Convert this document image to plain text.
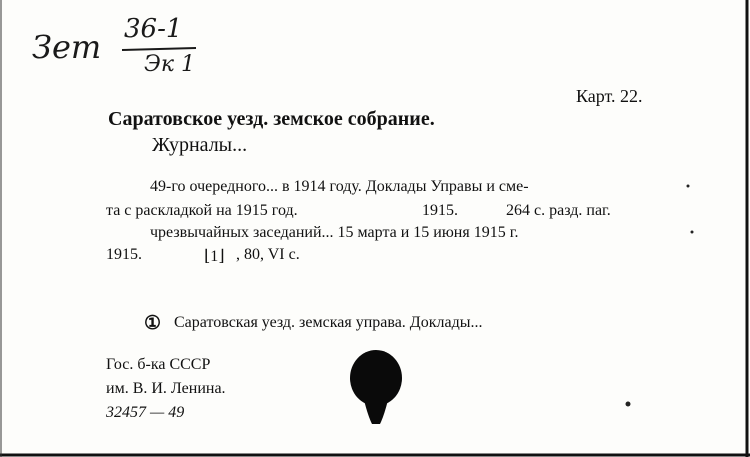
Зет 36-1
Эк 1
Карт. 22.
Саратовское уезд. земское собрание.
Журналы...
49-го очередного... в 1914 году. Доклады Управы и сме-
та с раскладкой на 1915 год.	1915.	264 с. разд. паг.
чрезвычайных заседаний... 15 марта и 15 июня 1915 г.
1915.	⌊1⌋ , 80, VI с.
① Саратовская уезд. земская управа. Доклады...
Гос. б-ка СССР
им. В. И. Ленина.
32457 — 49
